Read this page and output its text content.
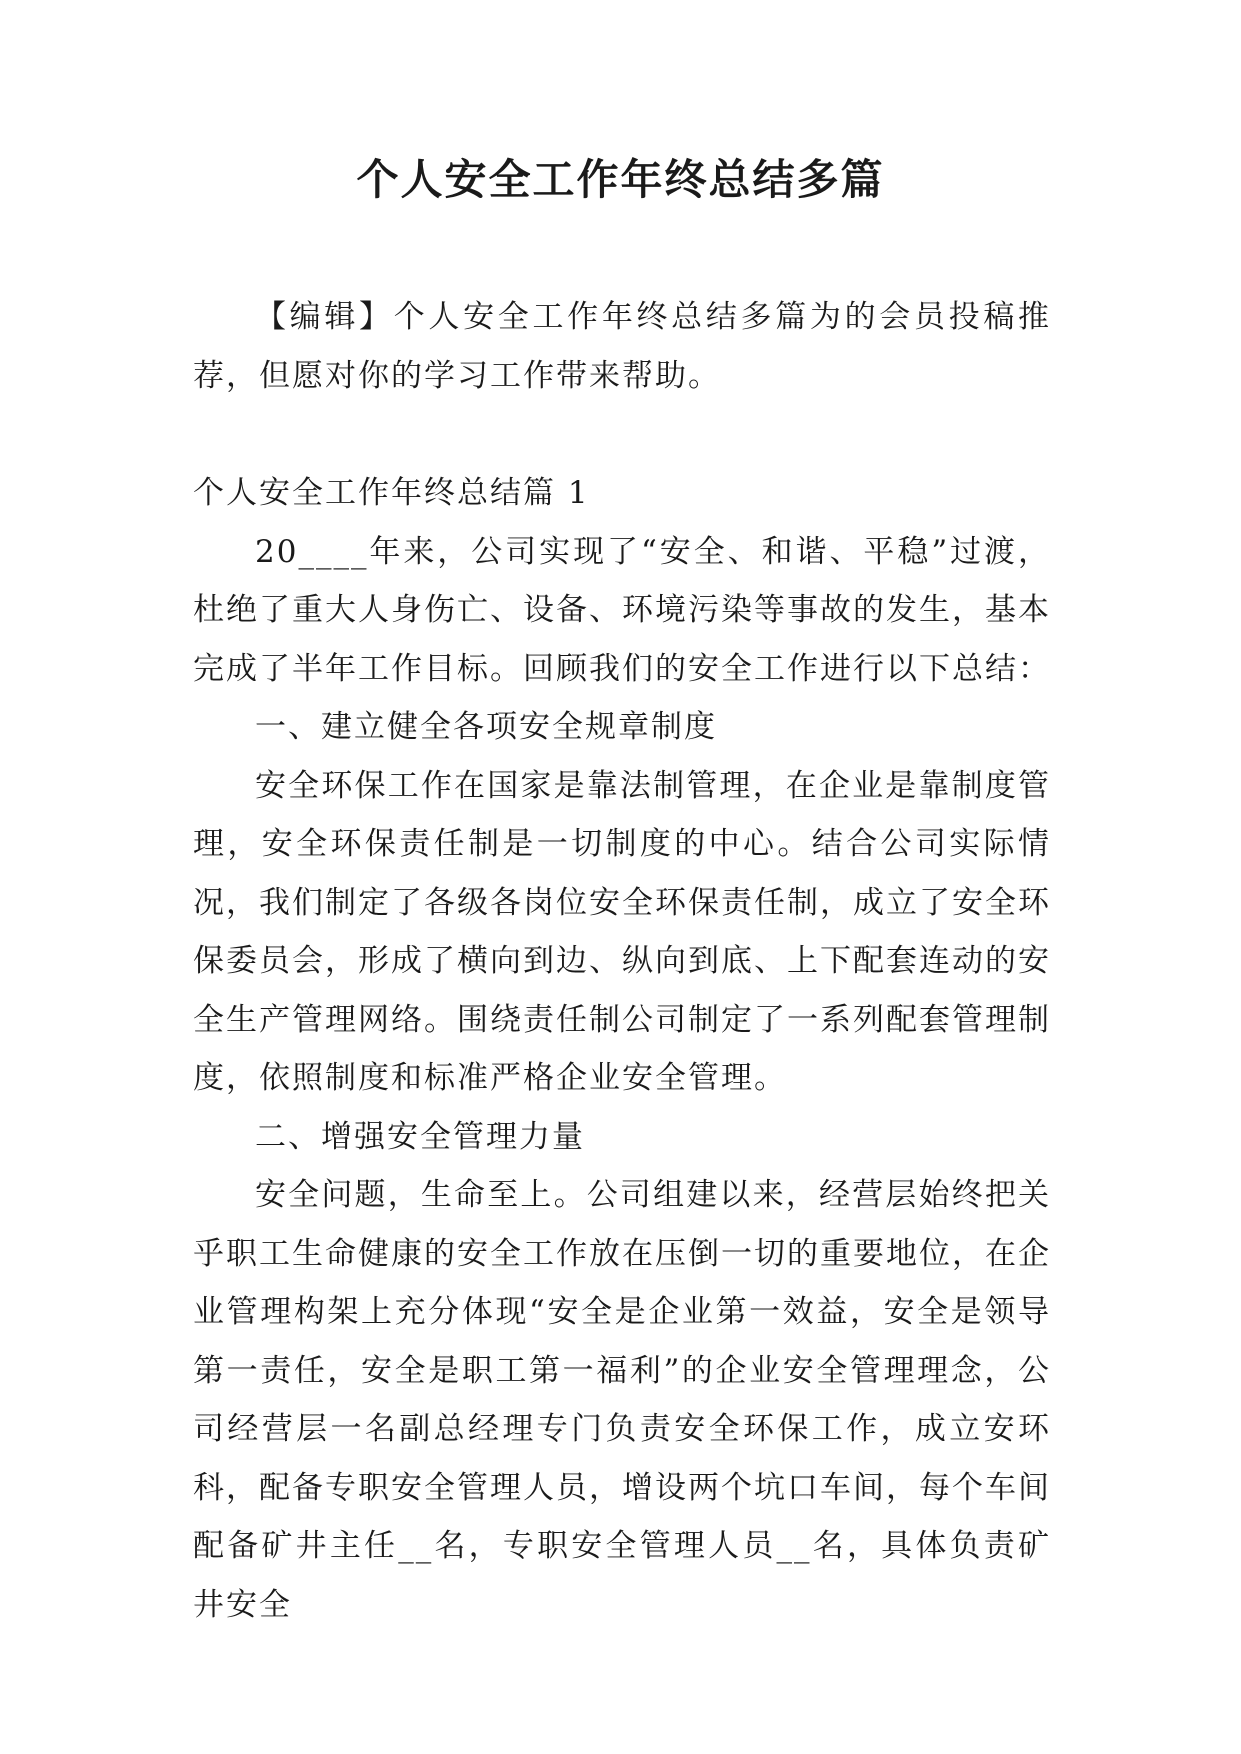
个人安全工作年终总结多篇

【编辑】个人安全工作年终总结多篇为的会员投稿推荐，但愿对你的学习工作带来帮助。

个人安全工作年终总结篇 1

20____年来，公司实现了“安全、和谐、平稳”过渡，杜绝了重大人身伤亡、设备、环境污染等事故的发生，基本完成了半年工作目标。回顾我们的安全工作进行以下总结：

一、建立健全各项安全规章制度

安全环保工作在国家是靠法制管理，在企业是靠制度管理，安全环保责任制是一切制度的中心。结合公司实际情况，我们制定了各级各岗位安全环保责任制，成立了安全环保委员会，形成了横向到边、纵向到底、上下配套连动的安全生产管理网络。围绕责任制公司制定了一系列配套管理制度，依照制度和标准严格企业安全管理。

二、增强安全管理力量

安全问题，生命至上。公司组建以来，经营层始终把关乎职工生命健康的安全工作放在压倒一切的重要地位，在企业管理构架上充分体现“安全是企业第一效益，安全是领导第一责任，安全是职工第一福利”的企业安全管理理念，公司经营层一名副总经理专门负责安全环保工作，成立安环科，配备专职安全管理人员，增设两个坑口车间，每个车间配备矿井主任__名，专职安全管理人员__名，具体负责矿井安全
